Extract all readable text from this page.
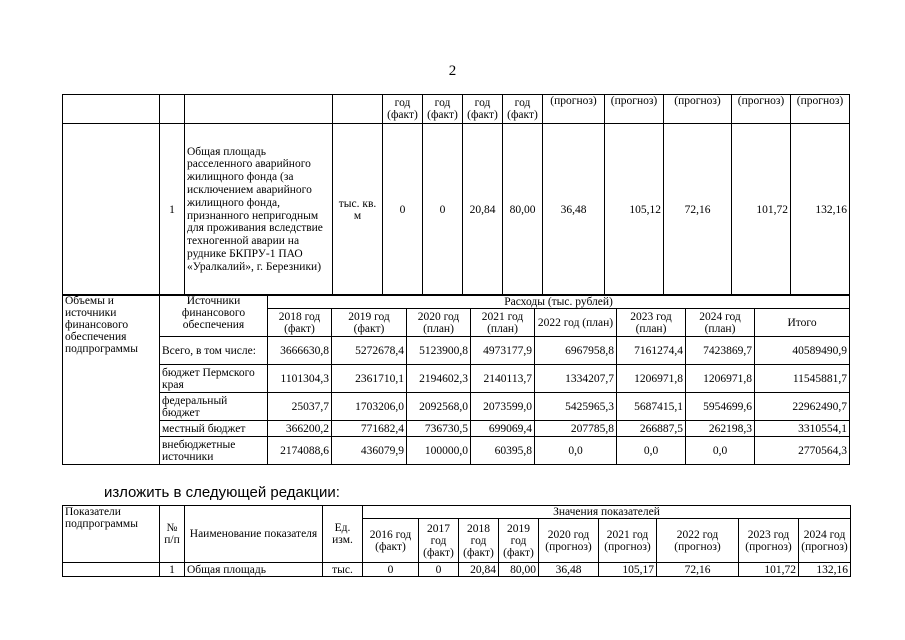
2
				год (факт)	год (факт)	год (факт)	год (факт)	(прогноз)	(прогноз)	(прогноз)	(прогноз)	(прогноз)
	1	Общая площадь расселенного аварийного жилищного фонда (за исключением аварийного жилищного фонда, признанного непригодным для проживания вследствие техногенной аварии на руднике БКПРУ-1 ПАО «Уралкалий», г. Березники)	тыс. кв. м	0	0	20,84	80,00	36,48	105,12	72,16	101,72	132,16
Объемы и источники финансового обеспечения подпрограммы	Источники финансового обеспечения	Расходы (тыс. рублей)							
		2018 год (факт)	2019 год (факт)	2020 год (план)	2021 год (план)	2022 год (план)	2023 год (план)	2024 год (план)	Итого
	Всего, в том числе:	3666630,8	5272678,4	5123900,8	4973177,9	6967958,8	7161274,4	7423869,7	40589490,9
	бюджет Пермского края	1101304,3	2361710,1	2194602,3	2140113,7	1334207,7	1206971,8	1206971,8	11545881,7
	федеральный бюджет	25037,7	1703206,0	2092568,0	2073599,0	5425965,3	5687415,1	5954699,6	22962490,7
	местный бюджет	366200,2	771682,4	736730,5	699069,4	207785,8	266887,5	262198,3	3310554,1
	внебюджетные источники	2174088,6	436079,9	100000,0	60395,8	0,0	0,0	0,0	2770564,3
изложить в следующей редакции:
Показатели подпрограммы	№ п/п	Наименование показателя	Ед. изм.	Значения показателей								
				2016 год (факт)	2017 год (факт)	2018 год (факт)	2019 год (факт)	2020 год (прогноз)	2021 год (прогноз)	2022 год (прогноз)	2023 год (прогноз)	2024 год (прогноз)
	1	Общая площадь	тыс.	0	0	20,84	80,00	36,48	105,17	72,16	101,72	132,16
